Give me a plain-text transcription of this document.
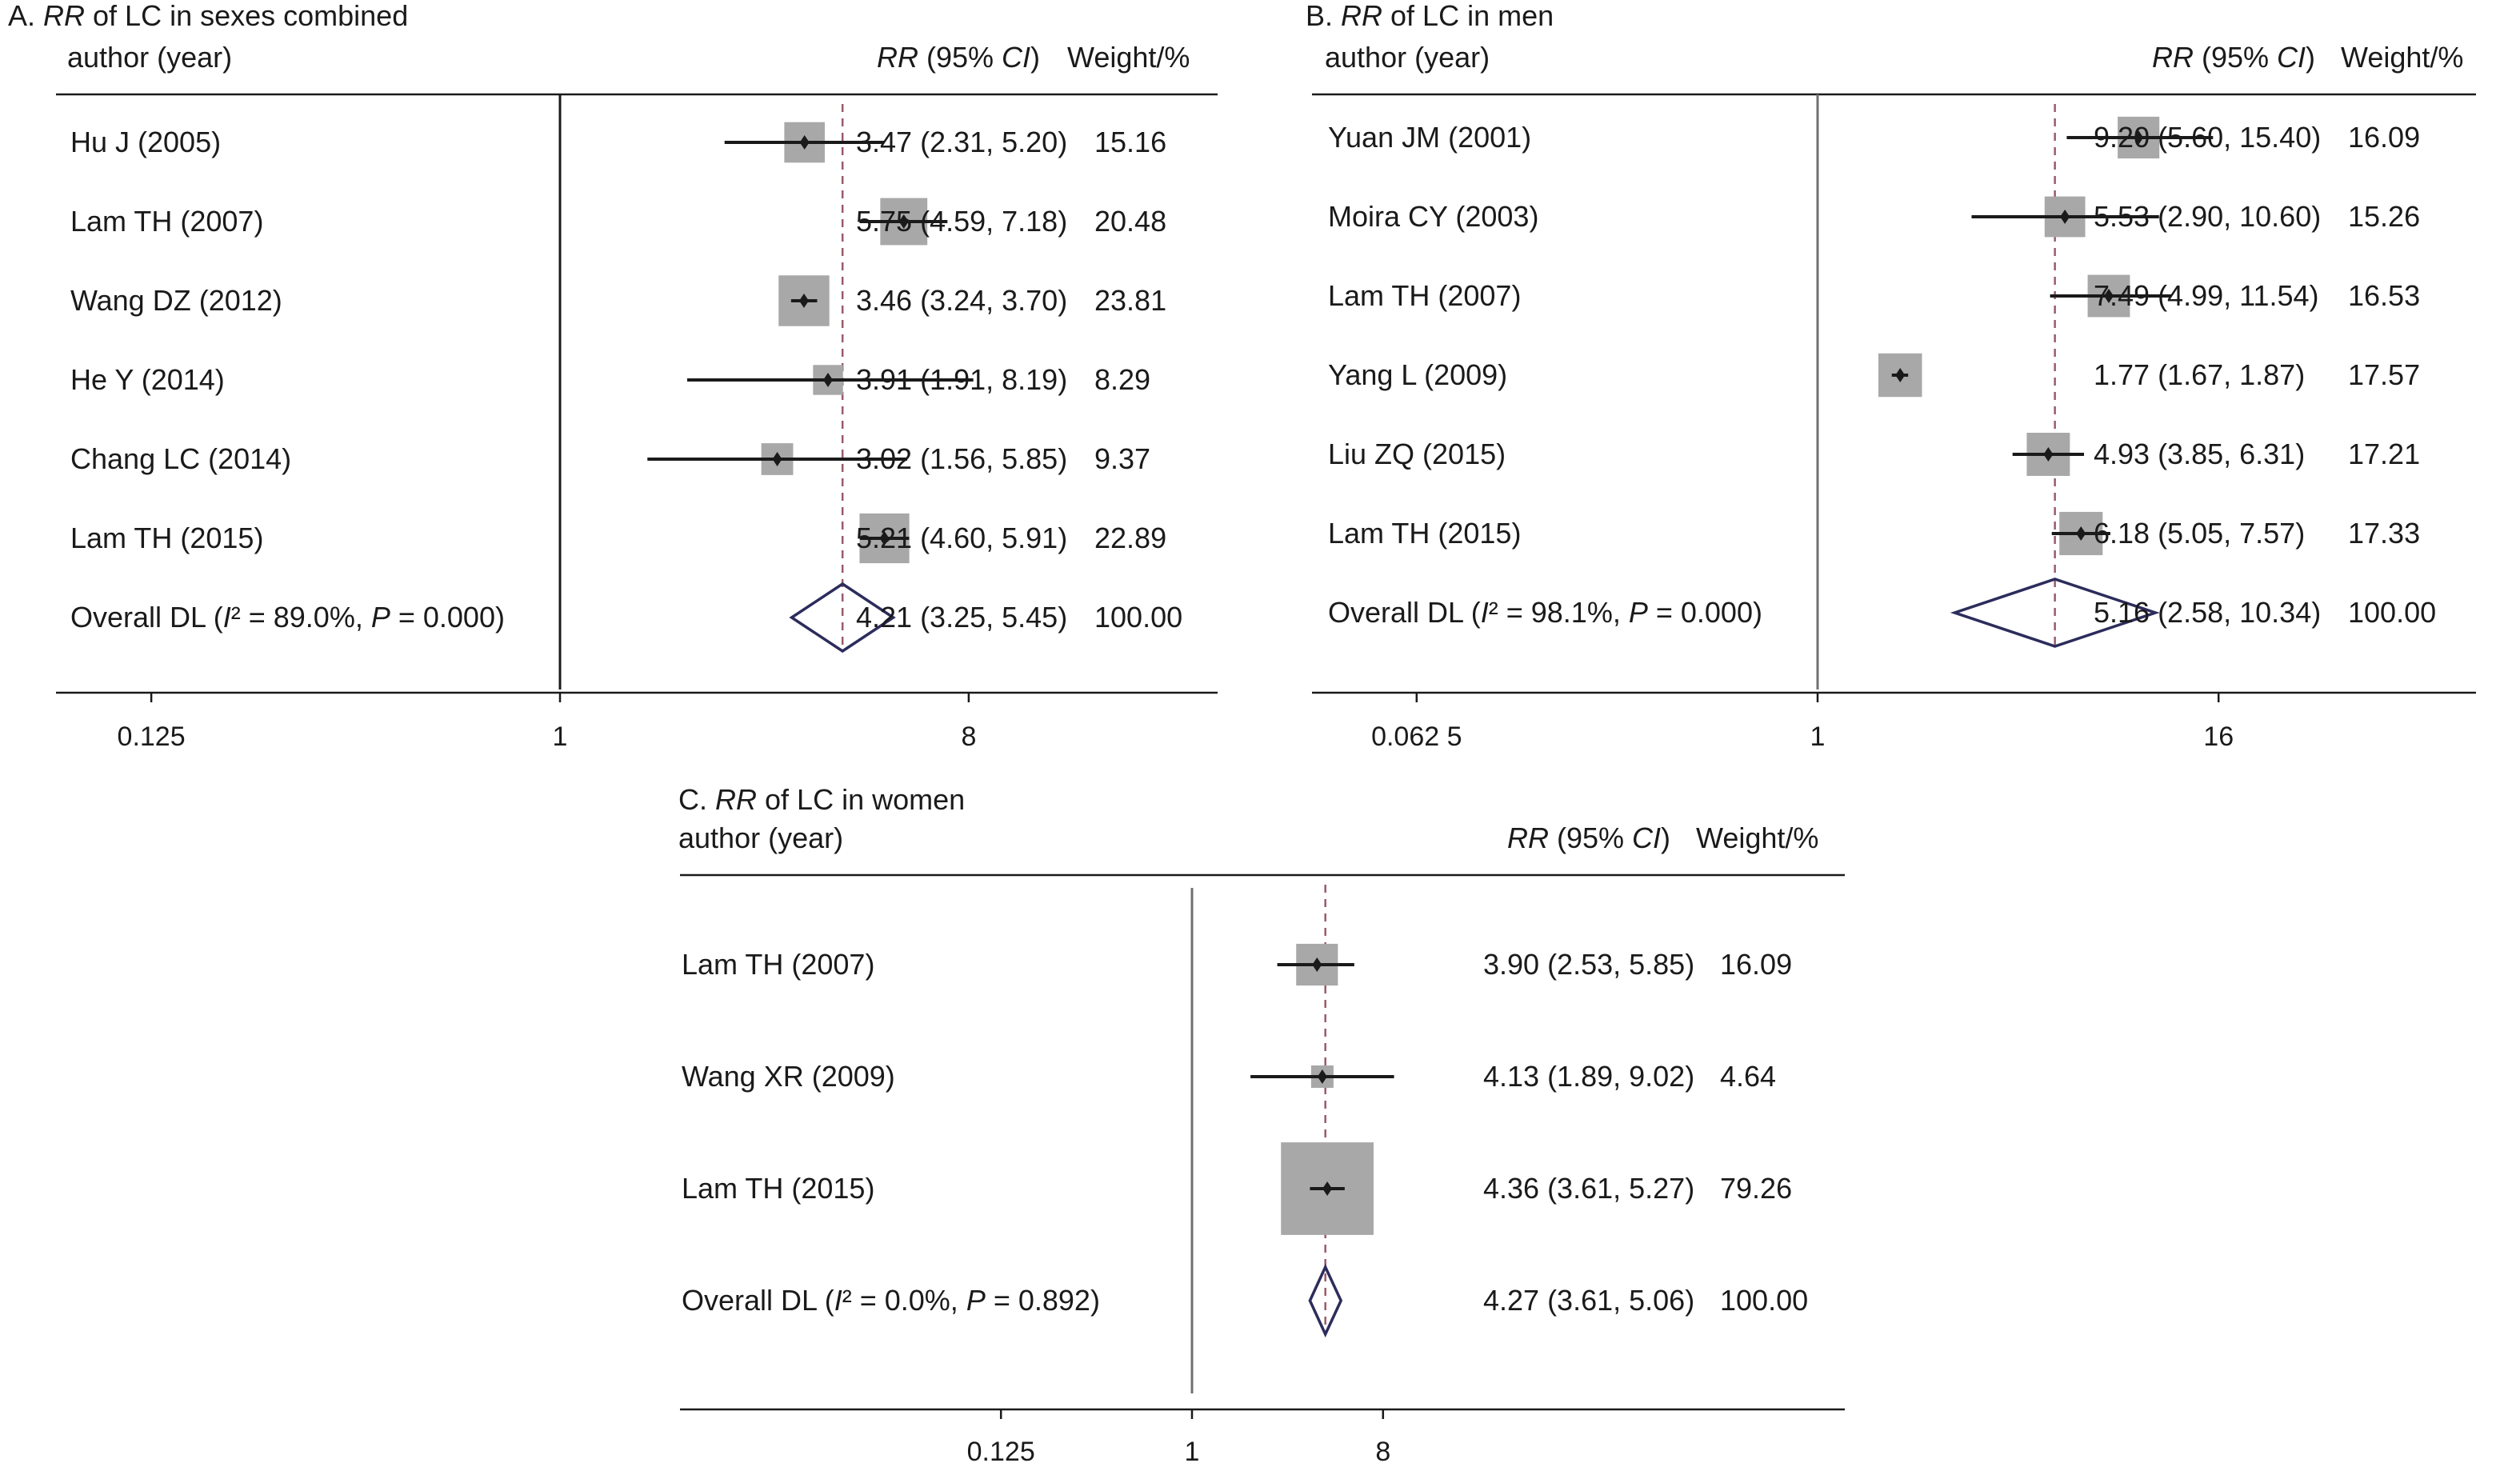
A. RR of LC in sexes combined
author (year)	RR (95% CI) Weight/%
0.125	1	8
Hu J (2005)	3.47 (2.31, 5.20) 15.16
Lam TH (2007)	5.75 (4.59, 7.18) 20.48
Wang DZ (2012)	3.46 (3.24, 3.70) 23.81
He Y (2014)	3.91 (1.91, 8.19) 8.29
Chang LC (2014)	3.02 (1.56, 5.85) 9.37
Lam TH (2015)	5.21 (4.60, 5.91) 22.89
Overall DL (I² = 89.0%, P = 0.000)	4.21 (3.25, 5.45) 100.00
B. RR of LC in men
author (year)	RR (95% CI) Weight/%
0.062 5	1	16
Yuan JM (2001)	9.20 (5.60, 15.40) 16.09
Moira CY (2003)	5.53 (2.90, 10.60) 15.26
Lam TH (2007)	7.49 (4.99, 11.54) 16.53
Yang L (2009)	1.77 (1.67, 1.87) 17.57
Liu ZQ (2015)	4.93 (3.85, 6.31) 17.21
Lam TH (2015)	6.18 (5.05, 7.57) 17.33
Overall DL (I² = 98.1%, P = 0.000)	5.16 (2.58, 10.34) 100.00
C. RR of LC in women
author (year)	RR (95% CI) Weight/%
0.125	1	8
Lam TH (2007)	3.90 (2.53, 5.85) 16.09
Wang XR (2009)	4.13 (1.89, 9.02) 4.64
Lam TH (2015)	4.36 (3.61, 5.27) 79.26
Overall DL (I² = 0.0%, P = 0.892)	4.27 (3.61, 5.06) 100.00
